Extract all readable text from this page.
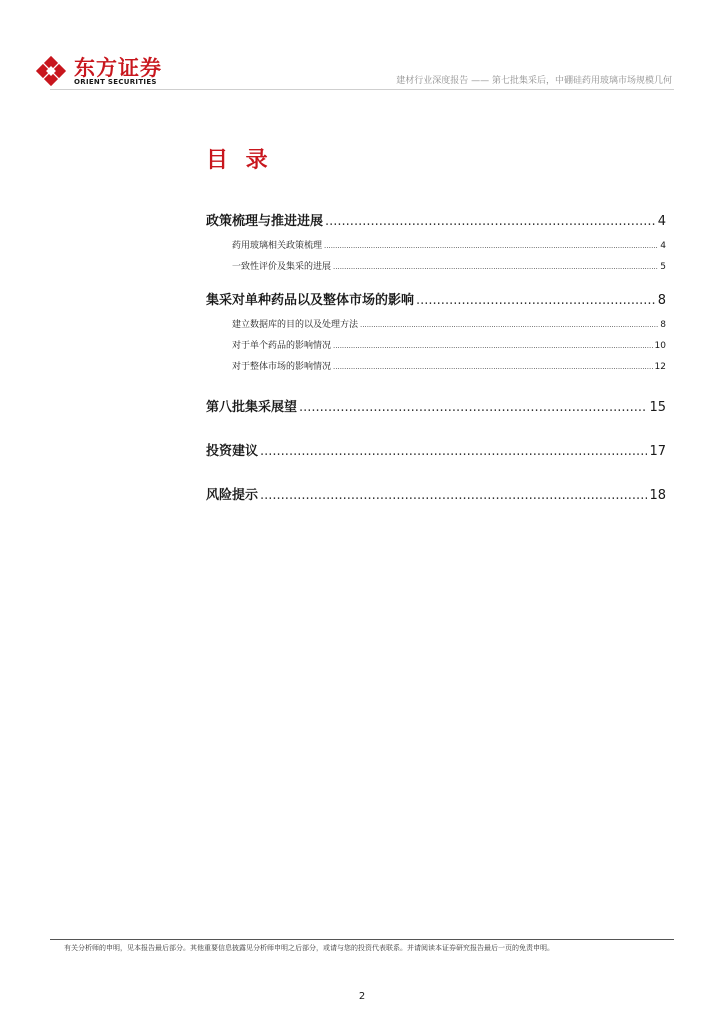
东方证券
ORIENT SECURITIES	建材行业深度报告 —— 第七批集采后，中硼硅药用玻璃市场规模几何
目 录
政策梳理与推进进展 .....	4
药用玻璃相关政策梳理 .....	4
一致性评价及集采的进展 .....	5
集采对单种药品以及整体市场的影响 .....	8
建立数据库的目的以及处理方法 .....	8
对于单个药品的影响情况 .....	10
对于整体市场的影响情况 .....	12
第八批集采展望 .....	15
投资建议 .....	17
风险提示 .....	18
有关分析师的申明，见本报告最后部分。其他重要信息披露见分析师申明之后部分，或请与您的投资代表联系。并请阅读本证券研究报告最后一页的免责申明。
2
